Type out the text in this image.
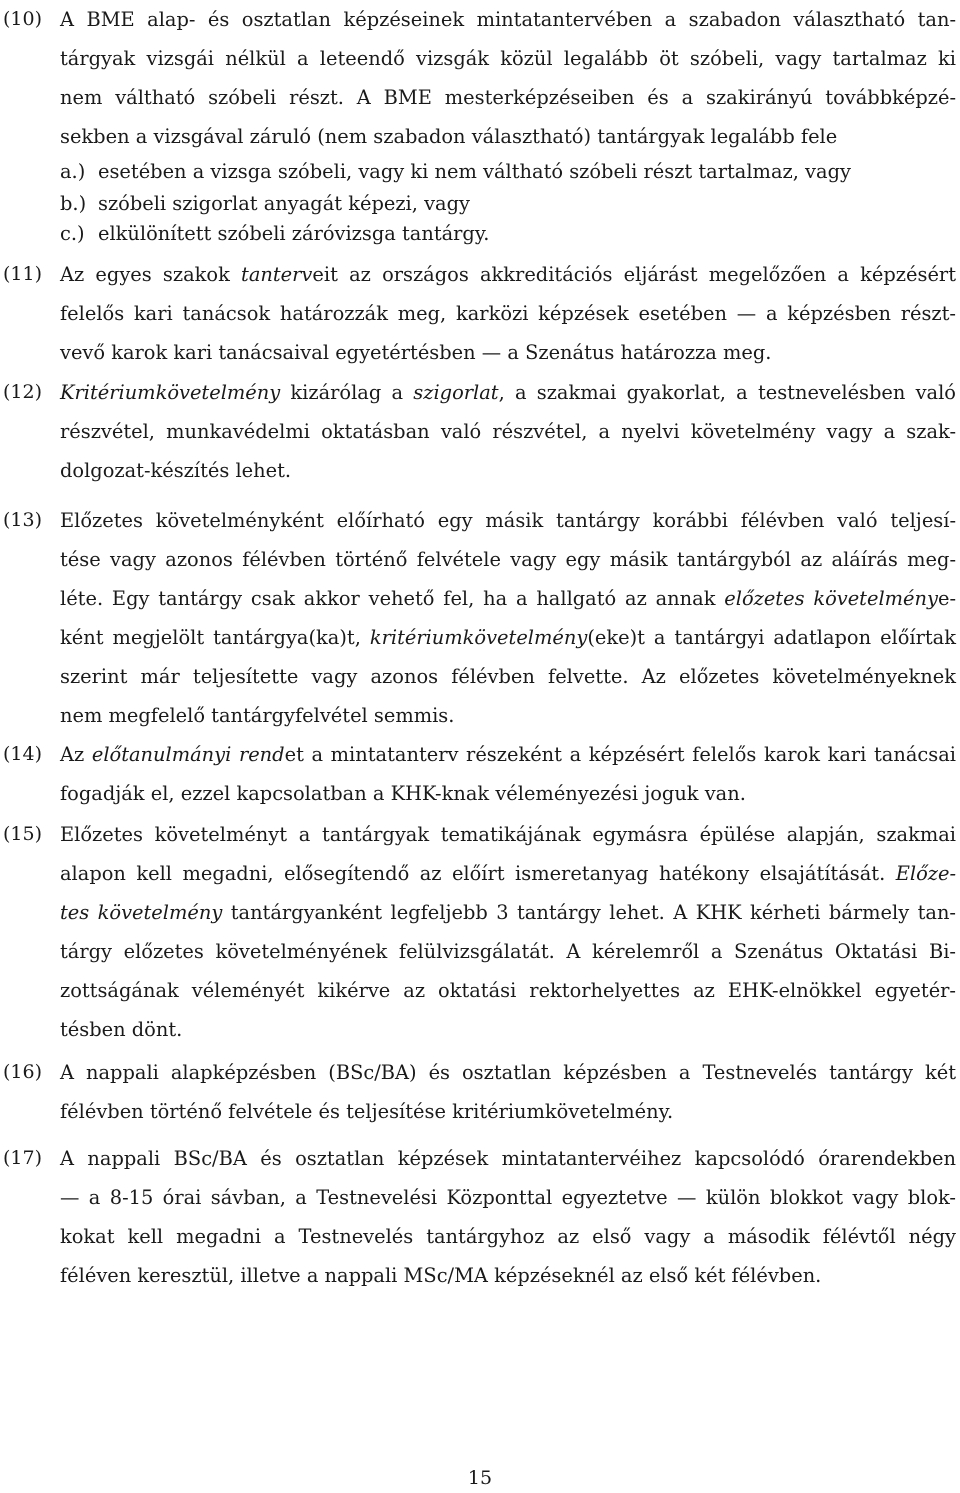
(10) A BME alap- és osztatlan képzéseinek mintatantervében a szabadon választható tan-
tárgyak vizsgái nélkül a leteendő vizsgák közül legalább öt szóbeli, vagy tartalmaz ki
nem váltható szóbeli részt. A BME mesterképzéseiben és a szakirányú továbbképzé-
sekben a vizsgával záruló (nem szabadon választható) tantárgyak legalább fele
a.) esetében a vizsga szóbeli, vagy ki nem váltható szóbeli részt tartalmaz, vagy
b.) szóbeli szigorlat anyagát képezi, vagy
c.) elkülönített szóbeli záróvizsga tantárgy.
(11) Az egyes szakok tanterveit az országos akkreditációs eljárást megelőzően a képzésért
felelős kari tanácsok határozzák meg, karközi képzések esetében — a képzésben részt-
vevő karok kari tanácsaival egyetértésben — a Szenátus határozza meg.
(12) Kritériumkövetelmény kizárólag a szigorlat, a szakmai gyakorlat, a testnevelésben való
részvétel, munkavédelmi oktatásban való részvétel, a nyelvi követelmény vagy a szak-
dolgozat-készítés lehet.
(13) Előzetes követelményként előírható egy másik tantárgy korábbi félévben való teljesí-
tése vagy azonos félévben történő felvétele vagy egy másik tantárgyból az aláírás meg-
léte. Egy tantárgy csak akkor vehető fel, ha a hallgató az annak előzetes követelménye-
ként megjelölt tantárgya(ka)t, kritériumkövetelmény(eke)t a tantárgyi adatlapon előírtak
szerint már teljesítette vagy azonos félévben felvette. Az előzetes követelményeknek
nem megfelelő tantárgyfelvétel semmis.
(14) Az előtanulmányi rendet a mintatanterv részeként a képzésért felelős karok kari tanácsai
fogadják el, ezzel kapcsolatban a KHK-knak véleményezési joguk van.
(15) Előzetes követelményt a tantárgyak tematikájának egymásra épülése alapján, szakmai
alapon kell megadni, elősegítendő az előírt ismeretanyag hatékony elsajátítását. Előze-
tes követelmény tantárgyanként legfeljebb 3 tantárgy lehet. A KHK kérheti bármely tan-
tárgy előzetes követelményének felülvizsgálatát. A kérelemről a Szenátus Oktatási Bi-
zottságának véleményét kikérve az oktatási rektorhelyettes az EHK-elnökkel egyetér-
tésben dönt.
(16) A nappali alapképzésben (BSc/BA) és osztatlan képzésben a Testnevelés tantárgy két
félévben történő felvétele és teljesítése kritériumkövetelmény.
(17) A nappali BSc/BA és osztatlan képzések mintatantervéihez kapcsolódó órarendekben
— a 8-15 órai sávban, a Testnevelési Központtal egyeztetve — külön blokkot vagy blok-
kokat kell megadni a Testnevelés tantárgyhoz az első vagy a második félévtől négy
féléven keresztül, illetve a nappali MSc/MA képzéseknél az első két félévben.
15
